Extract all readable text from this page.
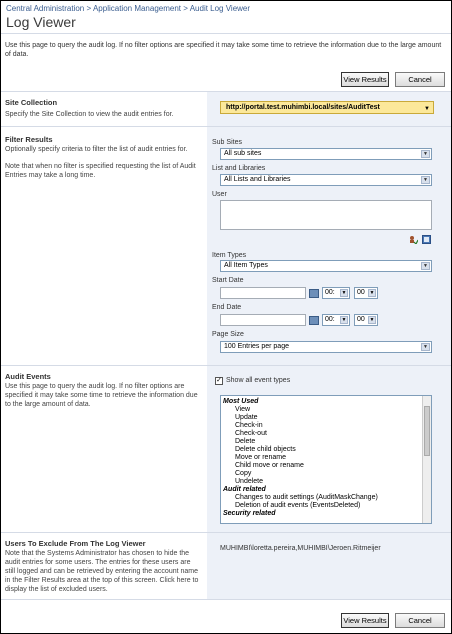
Central Administration > Application Management > Audit Log Viewer
Log Viewer
Use this page to query the audit log. If no filter options are specified it may take some time to retrieve the information due to the large amount of data.
View Results	Cancel
Site Collection
Specify the Site Collection to view the audit entries for.
http://portal.test.muhimbi.local/sites/AuditTest	▼
Filter Results
Optionally specify criteria to filter the list of audit entries for.
Note that when no filter is specified requesting the list of Audit Entries may take a long time.
Sub Sites
All sub sites	▼
List and Libraries
All Lists and Libraries	▼
User
Item Types
All Item Types	▼
Start Date
00:	▼	00 ▼
End Date
00:	▼	00 ▼
Page Size
100 Entries per page	▼
Audit Events
Use this page to query the audit log. If no filter options are specified it may take some time to retrieve the information due to the large amount of data.
✓ Show all event types
Most Used
View
Update
Check-in
Check-out
Delete
Delete child objects
Move or rename
Child move or rename
Copy
Undelete
Audit related
Changes to audit settings (AuditMaskChange)
Deletion of audit events (EventsDeleted)
Security related
Users To Exclude From The Log Viewer
Note that the Systems Administrator has chosen to hide the audit entries for some users. The entries for these users are still logged and can be retrieved by entering the account name in the Filter Results area at the top of this screen. Click here to display the list of excluded users.
MUHIMBI\loretta.pereira,MUHIMBI\Jeroen.Ritmeijer
View Results	Cancel
